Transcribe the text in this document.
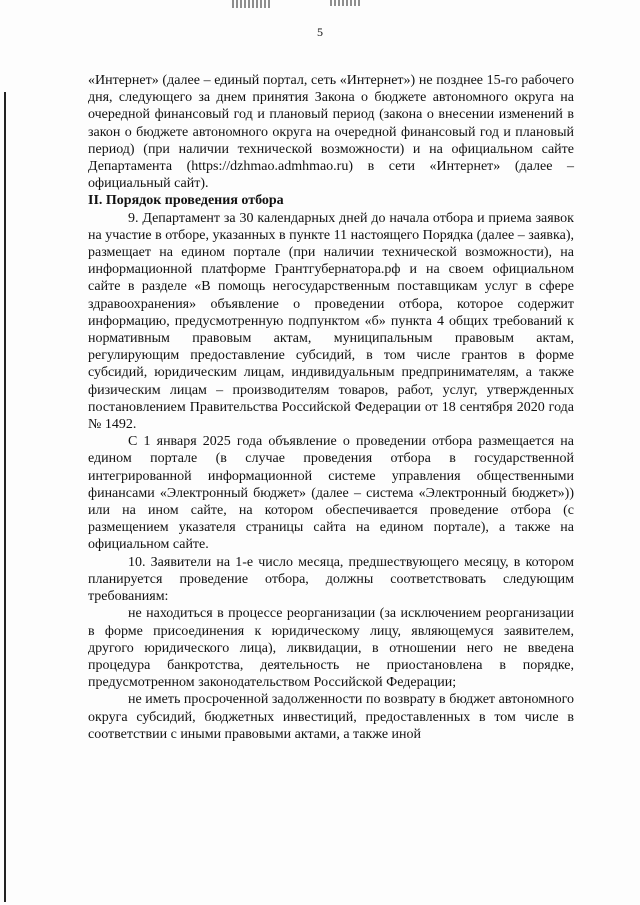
5

«Интернет» (далее – единый портал, сеть «Интернет») не позднее 15-го рабочего дня, следующего за днем принятия Закона о бюджете автономного округа на очередной финансовый год и плановый период (закона о внесении изменений в закон о бюджете автономного округа на очередной финансовый год и плановый период) (при наличии технической возможности) и на официальном сайте Департамента (https://dzhmao.admhmao.ru) в сети «Интернет» (далее – официальный сайт).

II. Порядок проведения отбора

9. Департамент за 30 календарных дней до начала отбора и приема заявок на участие в отборе, указанных в пункте 11 настоящего Порядка (далее – заявка), размещает на едином портале (при наличии технической возможности), на информационной платформе Грантгубернатора.рф и на своем официальном сайте в разделе «В помощь негосударственным поставщикам услуг в сфере здравоохранения» объявление о проведении отбора, которое содержит информацию, предусмотренную подпунктом «б» пункта 4 общих требований к нормативным правовым актам, муниципальным правовым актам, регулирующим предоставление субсидий, в том числе грантов в форме субсидий, юридическим лицам, индивидуальным предпринимателям, а также физическим лицам – производителям товаров, работ, услуг, утвержденных постановлением Правительства Российской Федерации от 18 сентября 2020 года № 1492.

С 1 января 2025 года объявление о проведении отбора размещается на едином портале (в случае проведения отбора в государственной интегрированной информационной системе управления общественными финансами «Электронный бюджет» (далее – система «Электронный бюджет»)) или на ином сайте, на котором обеспечивается проведение отбора (с размещением указателя страницы сайта на едином портале), а также на официальном сайте.

10. Заявители на 1-е число месяца, предшествующего месяцу, в котором планируется проведение отбора, должны соответствовать следующим требованиям:

не находиться в процессе реорганизации (за исключением реорганизации в форме присоединения к юридическому лицу, являющемуся заявителем, другого юридического лица), ликвидации, в отношении него не введена процедура банкротства, деятельность не приостановлена в порядке, предусмотренном законодательством Российской Федерации;

не иметь просроченной задолженности по возврату в бюджет автономного округа субсидий, бюджетных инвестиций, предоставленных в том числе в соответствии с иными правовыми актами, а также иной
